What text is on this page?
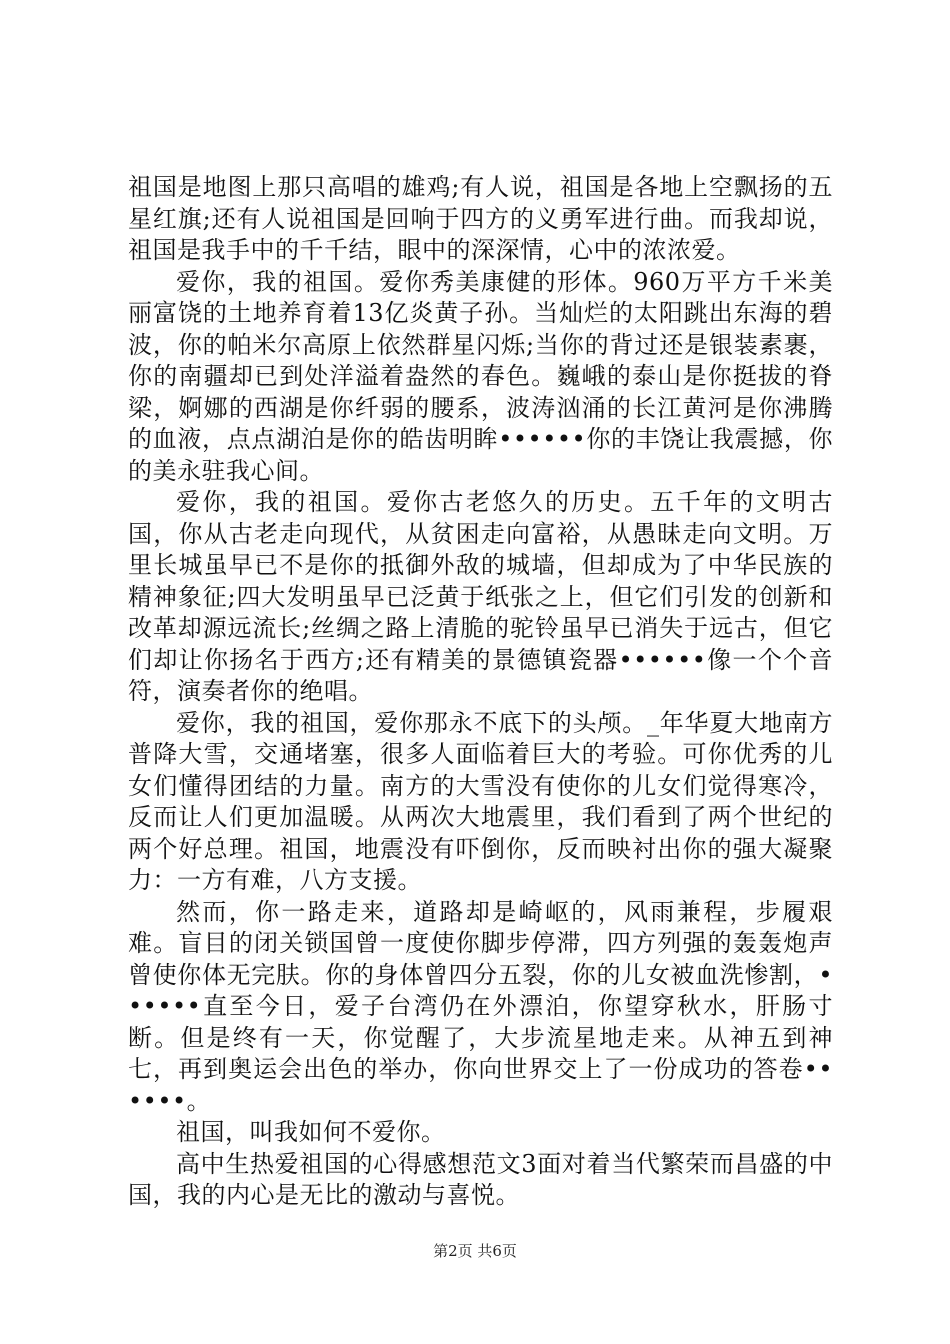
祖国是地图上那只高唱的雄鸡;有人说，祖国是各地上空飘扬的五星红旗;还有人说祖国是回响于四方的义勇军进行曲。而我却说，祖国是我手中的千千结，眼中的深深情，心中的浓浓爱。

爱你，我的祖国。爱你秀美康健的形体。960万平方千米美丽富饶的土地养育着13亿炎黄子孙。当灿烂的太阳跳出东海的碧波，你的帕米尔高原上依然群星闪烁;当你的背过还是银装素裹，你的南疆却已到处洋溢着盎然的春色。巍峨的泰山是你挺拔的脊梁，婀娜的西湖是你纤弱的腰系，波涛汹涌的长江黄河是你沸腾的血液，点点湖泊是你的皓齿明眸••••••你的丰饶让我震撼，你的美永驻我心间。

爱你，我的祖国。爱你古老悠久的历史。五千年的文明古国，你从古老走向现代，从贫困走向富裕，从愚昧走向文明。万里长城虽早已不是你的抵御外敌的城墙，但却成为了中华民族的精神象征;四大发明虽早已泛黄于纸张之上，但它们引发的创新和改革却源远流长;丝绸之路上清脆的驼铃虽早已消失于远古，但它们却让你扬名于西方;还有精美的景德镇瓷器••••••像一个个音符，演奏者你的绝唱。

爱你，我的祖国，爱你那永不底下的头颅。_年华夏大地南方普降大雪，交通堵塞，很多人面临着巨大的考验。可你优秀的儿女们懂得团结的力量。南方的大雪没有使你的儿女们觉得寒冷，反而让人们更加温暖。从两次大地震里，我们看到了两个世纪的两个好总理。祖国，地震没有吓倒你，反而映衬出你的强大凝聚力：一方有难，八方支援。

然而，你一路走来，道路却是崎岖的，风雨兼程，步履艰难。盲目的闭关锁国曾一度使你脚步停滞，四方列强的轰轰炮声曾使你体无完肤。你的身体曾四分五裂，你的儿女被血洗惨割，••••••直至今日，爱子台湾仍在外漂泊，你望穿秋水，肝肠寸断。但是终有一天，你觉醒了，大步流星地走来。从神五到神七，再到奥运会出色的举办，你向世界交上了一份成功的答卷••••••。

祖国，叫我如何不爱你。

高中生热爱祖国的心得感想范文3面对着当代繁荣而昌盛的中国，我的内心是无比的激动与喜悦。

第2页 共6页
